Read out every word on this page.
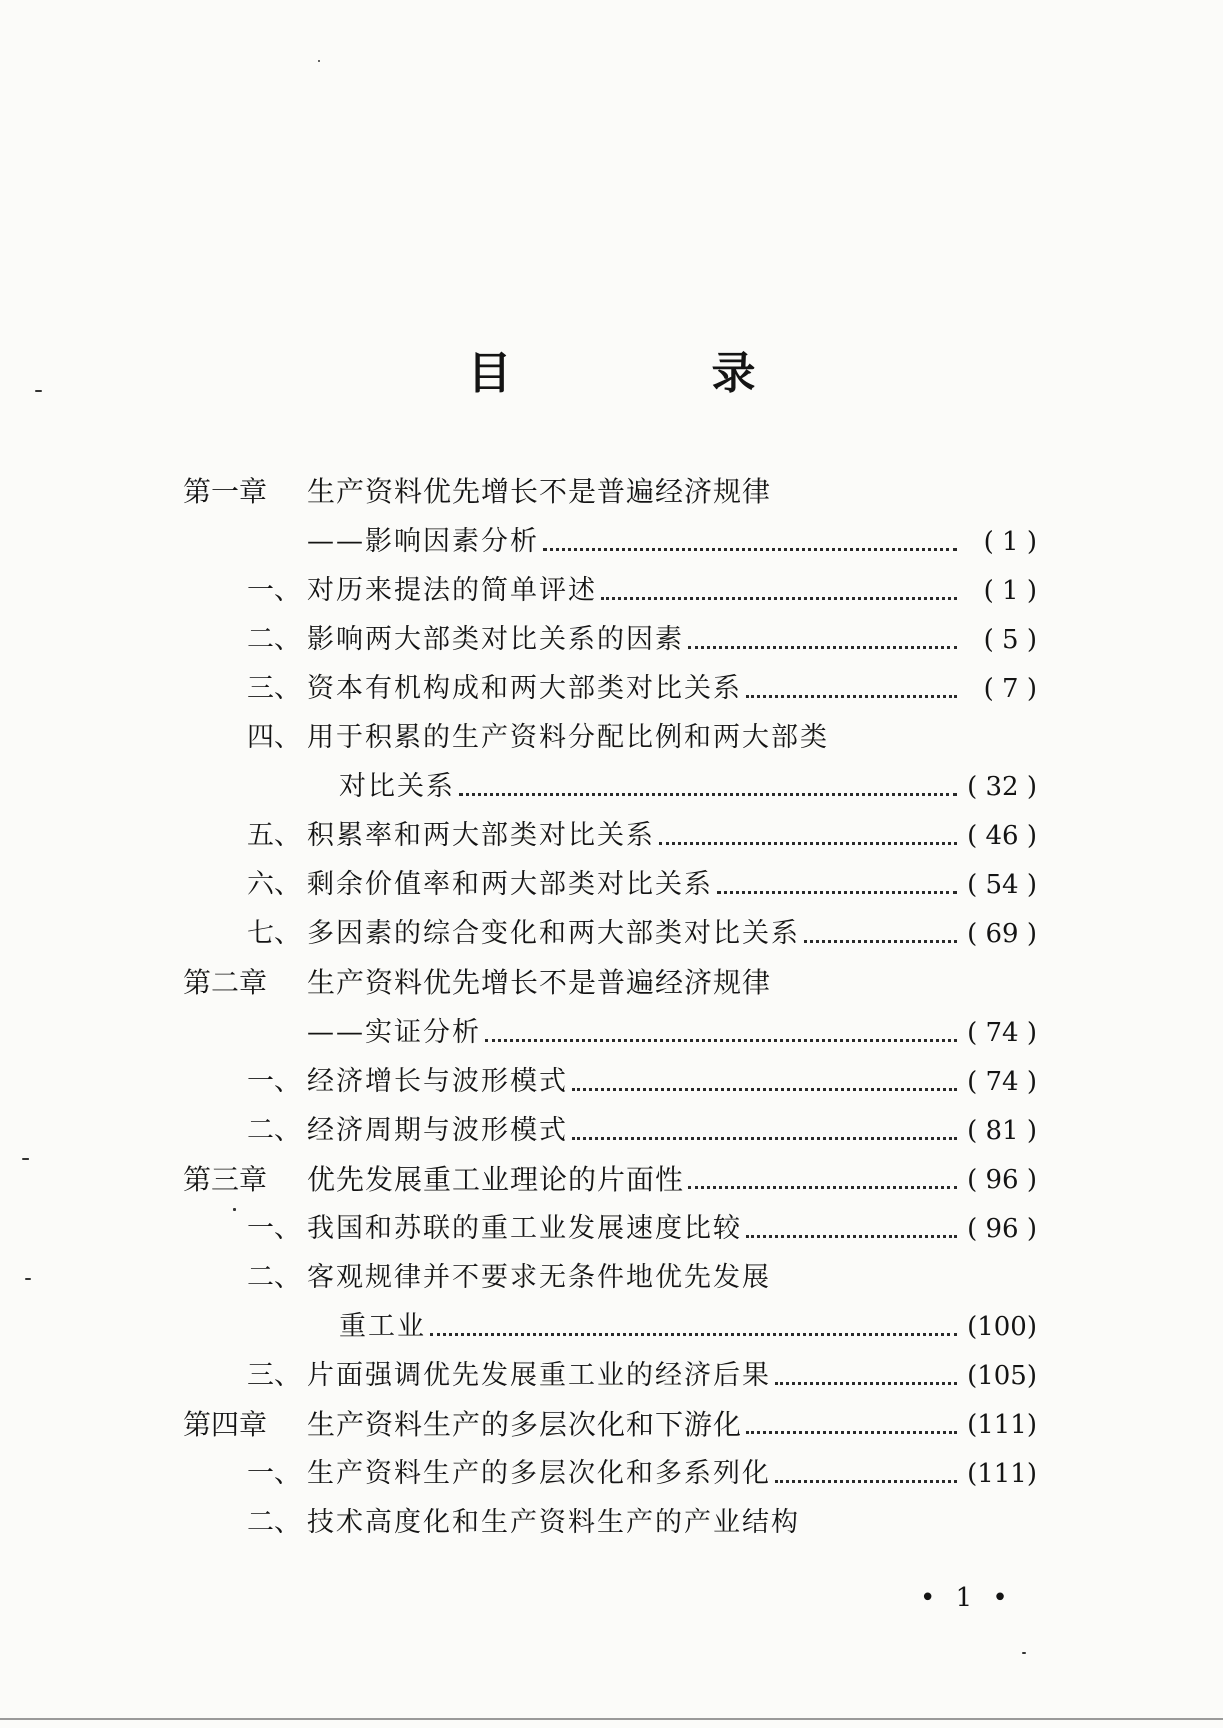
目　录
第一章	生产资料优先增长不是普遍经济规律
——影响因素分析	( 1 )
一、 对历来提法的简单评述	( 1 )
二、 影响两大部类对比关系的因素	( 5 )
三、 资本有机构成和两大部类对比关系	( 7 )
四、 用于积累的生产资料分配比例和两大部类
对比关系	( 32 )
五、 积累率和两大部类对比关系	( 46 )
六、 剩余价值率和两大部类对比关系	( 54 )
七、 多因素的综合变化和两大部类对比关系	( 69 )
第二章	生产资料优先增长不是普遍经济规律
——实证分析	( 74 )
一、 经济增长与波形模式	( 74 )
二、 经济周期与波形模式	( 81 )
第三章	优先发展重工业理论的片面性	( 96 )
一、 我国和苏联的重工业发展速度比较	( 96 )
二、 客观规律并不要求无条件地优先发展
重工业	(100)
三、 片面强调优先发展重工业的经济后果	(105)
第四章	生产资料生产的多层次化和下游化	(111)
一、 生产资料生产的多层次化和多系列化	(111)
二、 技术高度化和生产资料生产的产业结构
• 1 •
